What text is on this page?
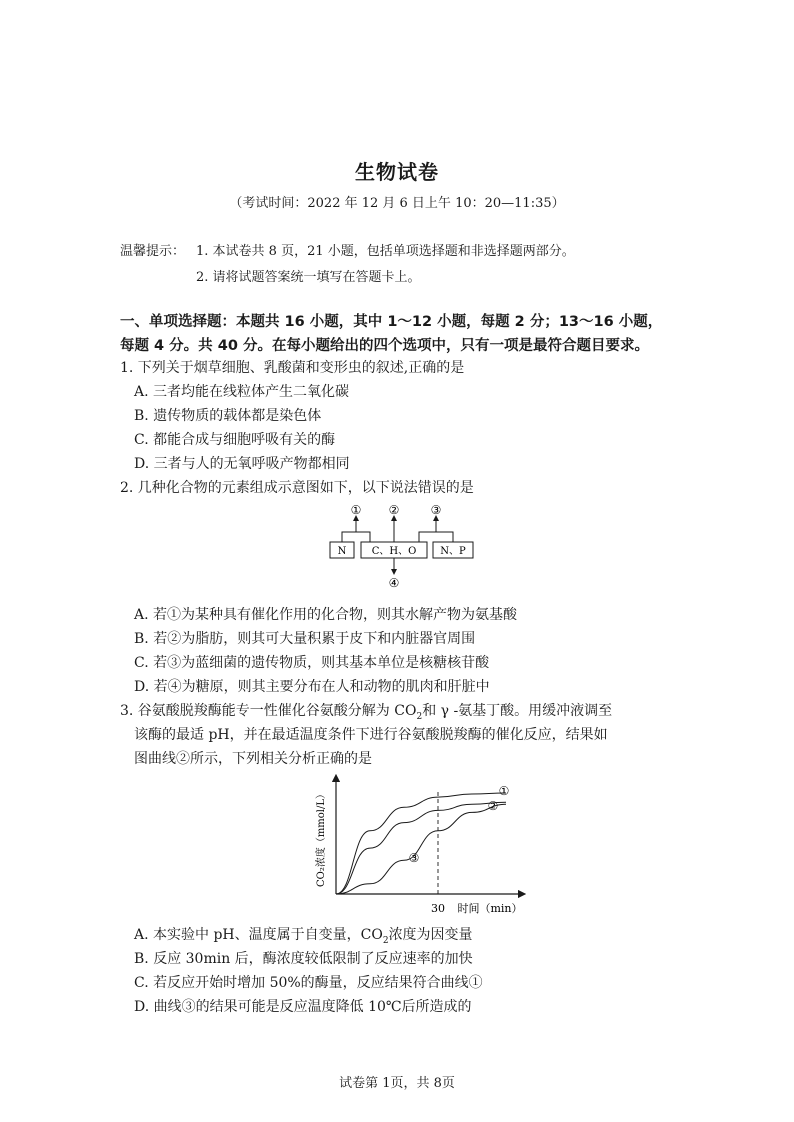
生物试卷
（考试时间：2022 年 12 月 6 日上午 10：20—11:35）
温馨提示： 1. 本试卷共 8 页，21 小题，包括单项选择题和非选择题两部分。
2. 请将试题答案统一填写在答题卡上。
一、单项选择题：本题共 16 小题，其中 1～12 小题，每题 2 分；13～16 小题，
每题 4 分。共 40 分。在每小题给出的四个选项中，只有一项是最符合题目要求。
1. 下列关于烟草细胞、乳酸菌和变形虫的叙述,正确的是
A. 三者均能在线粒体产生二氧化碳
B. 遗传物质的载体都是染色体
C. 都能合成与细胞呼吸有关的酶
D. 三者与人的无氧呼吸产物都相同
2. 几种化合物的元素组成示意图如下，以下说法错误的是
N	C、H、O N、P
① ②	③
④
A. 若①为某种具有催化作用的化合物，则其水解产物为氨基酸
B. 若②为脂肪，则其可大量积累于皮下和内脏器官周围
C. 若③为蓝细菌的遗传物质，则其基本单位是核糖核苷酸
D. 若④为糖原，则其主要分布在人和动物的肌肉和肝脏中
3. 谷氨酸脱羧酶能专一性催化谷氨酸分解为 $CO_2$和 γ -氨基丁酸。用缓冲液调至
该酶的最适 pH，并在最适温度条件下进行谷氨酸脱羧酶的催化反应，结果如
图曲线②所示，下列相关分析正确的是
CO₂浓度（mmol/L）
30 时间（min）
①
②
③
A. 本实验中 pH、温度属于自变量，$CO_2$浓度为因变量
B. 反应 30min 后，酶浓度较低限制了反应速率的加快
C. 若反应开始时增加 50%的酶量，反应结果符合曲线①
D. 曲线③的结果可能是反应温度降低 10℃后所造成的
试卷第 1页，共 8页
